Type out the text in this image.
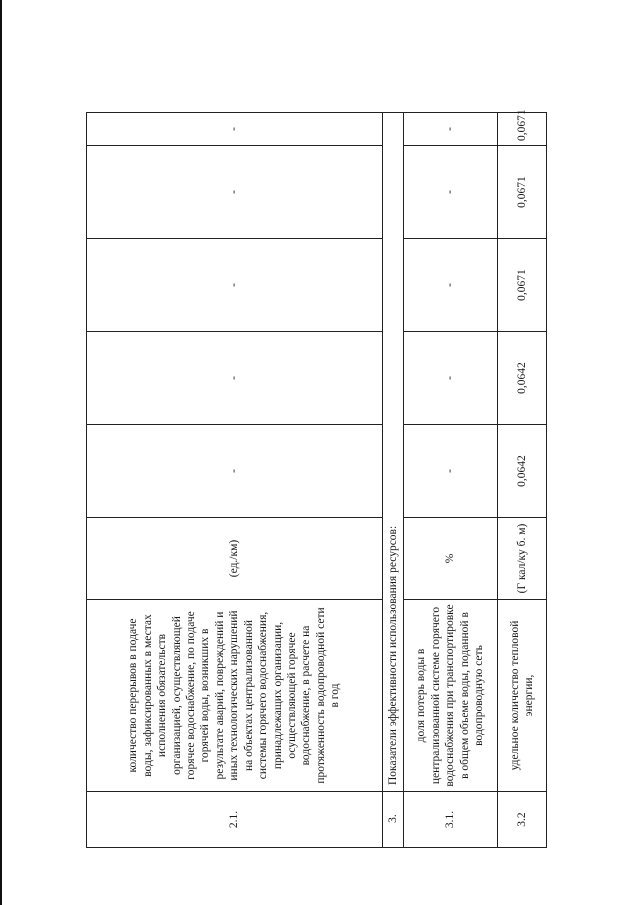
2.1.	количество перерывов в подаче воды, зафиксированных в местах исполнения обязательств организацией, осуществляющей горячее водоснабжение, по подаче горячей воды, возникших в результате аварий, повреждений и иных технологических нарушений на объектах централизованной системы горячего водоснабжения, принадлежащих организации, осуществляющей горячее водоснабжение, в расчете на протяженность водопроводной сети в год	(ед./км)	-	-	-	-	-
3.	Показатели эффективности использования ресурсов:						
3.1.	доля потерь воды в централизованной системе горячего водоснабжения при транспортировке в общем объеме воды, поданной в водопроводную сеть	%	-	-	-	-	-
3.2	удельное количество тепловой энергии,	(Г кал/ку б. м)	0,0642	0,0642	0,0671	0,0671	0,0671
